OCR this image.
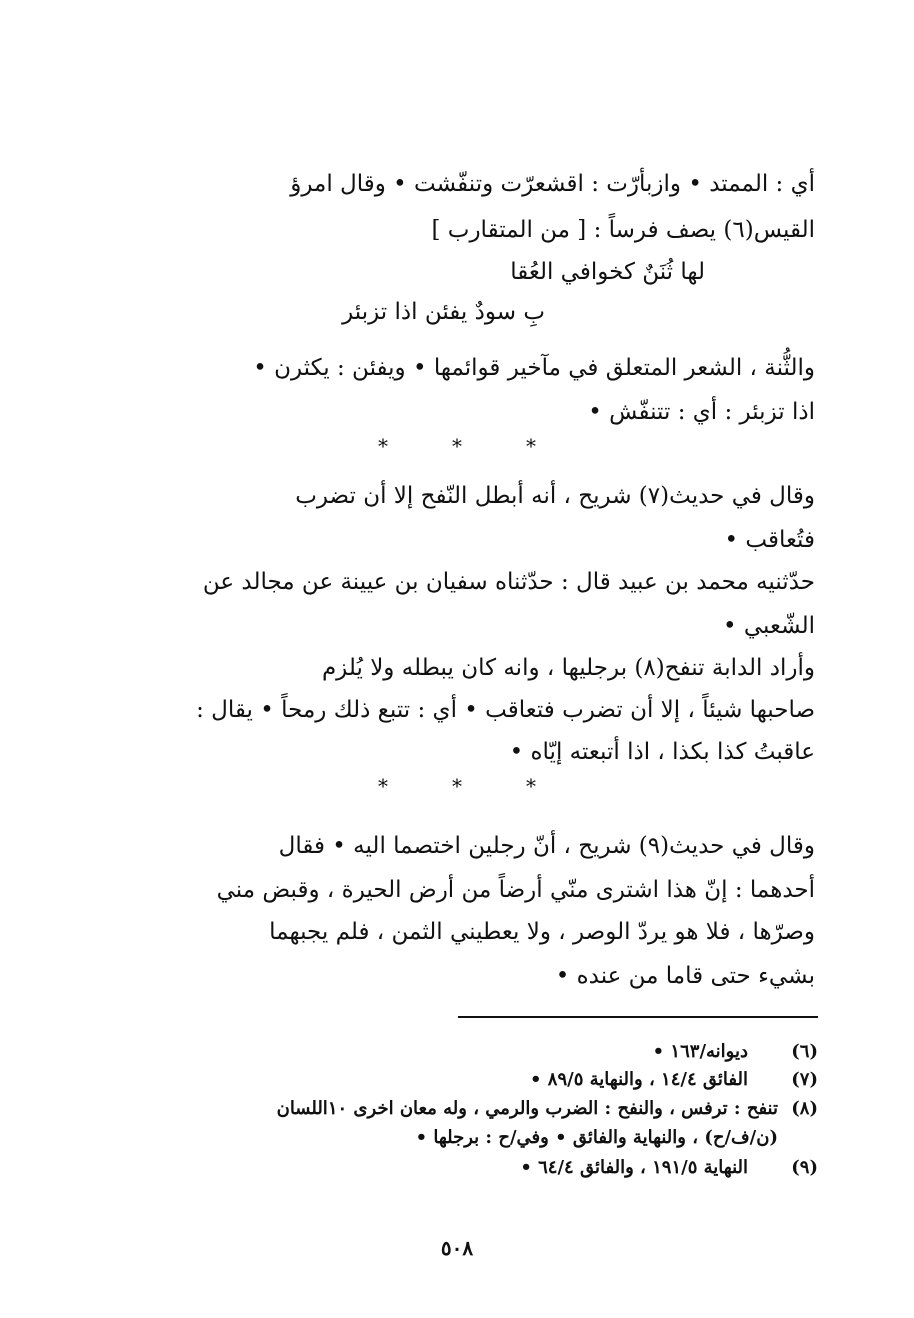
أي : الممتد • وازبأرّت : اقشعرّت وتنفّشت • وقال امرؤ
القيس(٦) يصف فرساً : [ من المتقارب ]
لها ثُنَنٌ كخوافي العُقا
بِ سودٌ يفئن اذا تزبئر
والثُّنة ، الشعر المتعلق في مآخير قوائمها • ويفئن : يكثرن •
اذا تزبئر : أي : تتنفّش •
وقال في حديث(٧) شريح ، أنه أبطل النّفح إلا أن تضرب
فتُعاقب •
حدّثنيه محمد بن عبيد قال : حدّثناه سفيان بن عيينة عن مجالد عن
الشّعبي •
وأراد الدابة تنفح(٨) برجليها ، وانه كان يبطله ولا يُلزم
صاحبها شيئاً ، إلا أن تضرب فتعاقب • أي : تتبع ذلك رمحاً • يقال :
عاقبتُ كذا بكذا ، اذا أتبعته إيّاه •
وقال في حديث(٩) شريح ، أنّ رجلين اختصما اليه • فقال
أحدهما : إنّ هذا اشترى منّي أرضاً من أرض الحيرة ، وقبض مني
وصرّها ، فلا هو يردّ الوصر ، ولا يعطيني الثمن ، فلم يجبهما
بشيء حتى قاما من عنده •
*	*	*
*	*	*
(٦)
ديوانه/١٦٣ •
(٧)
الفائق ١٤/٤ ، والنهاية ٨٩/٥ •
(٨)
تنفح : ترفس ، والنفح : الضرب والرمي ، وله معان اخرى ١٠اللسان
(ن/ف/ح) ، والنهاية والفائق • وفي/ح : برجلها •
(٩)
النهاية ١٩١/٥ ، والفائق ٦٤/٤ •
٥٠٨
